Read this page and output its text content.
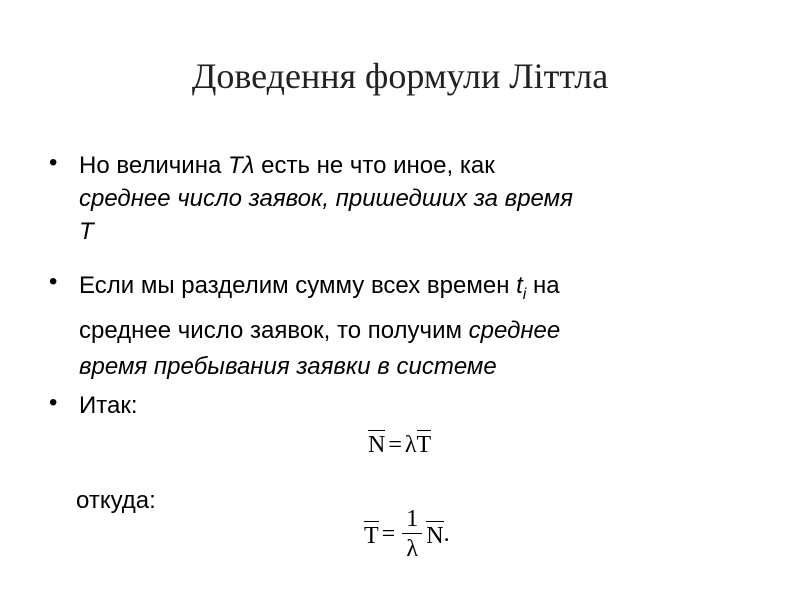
Доведення формули Літтла
• Но величина Tλ есть не что иное, как
среднее число заявок, пришедших за время
T
• Если мы разделим сумму всех времен $t_i$ на
среднее число заявок, то получим среднее
время пребывания заявки в системе
• Итак:
N = λT
откуда:
$T = \frac{1}{\lambda} N$.
